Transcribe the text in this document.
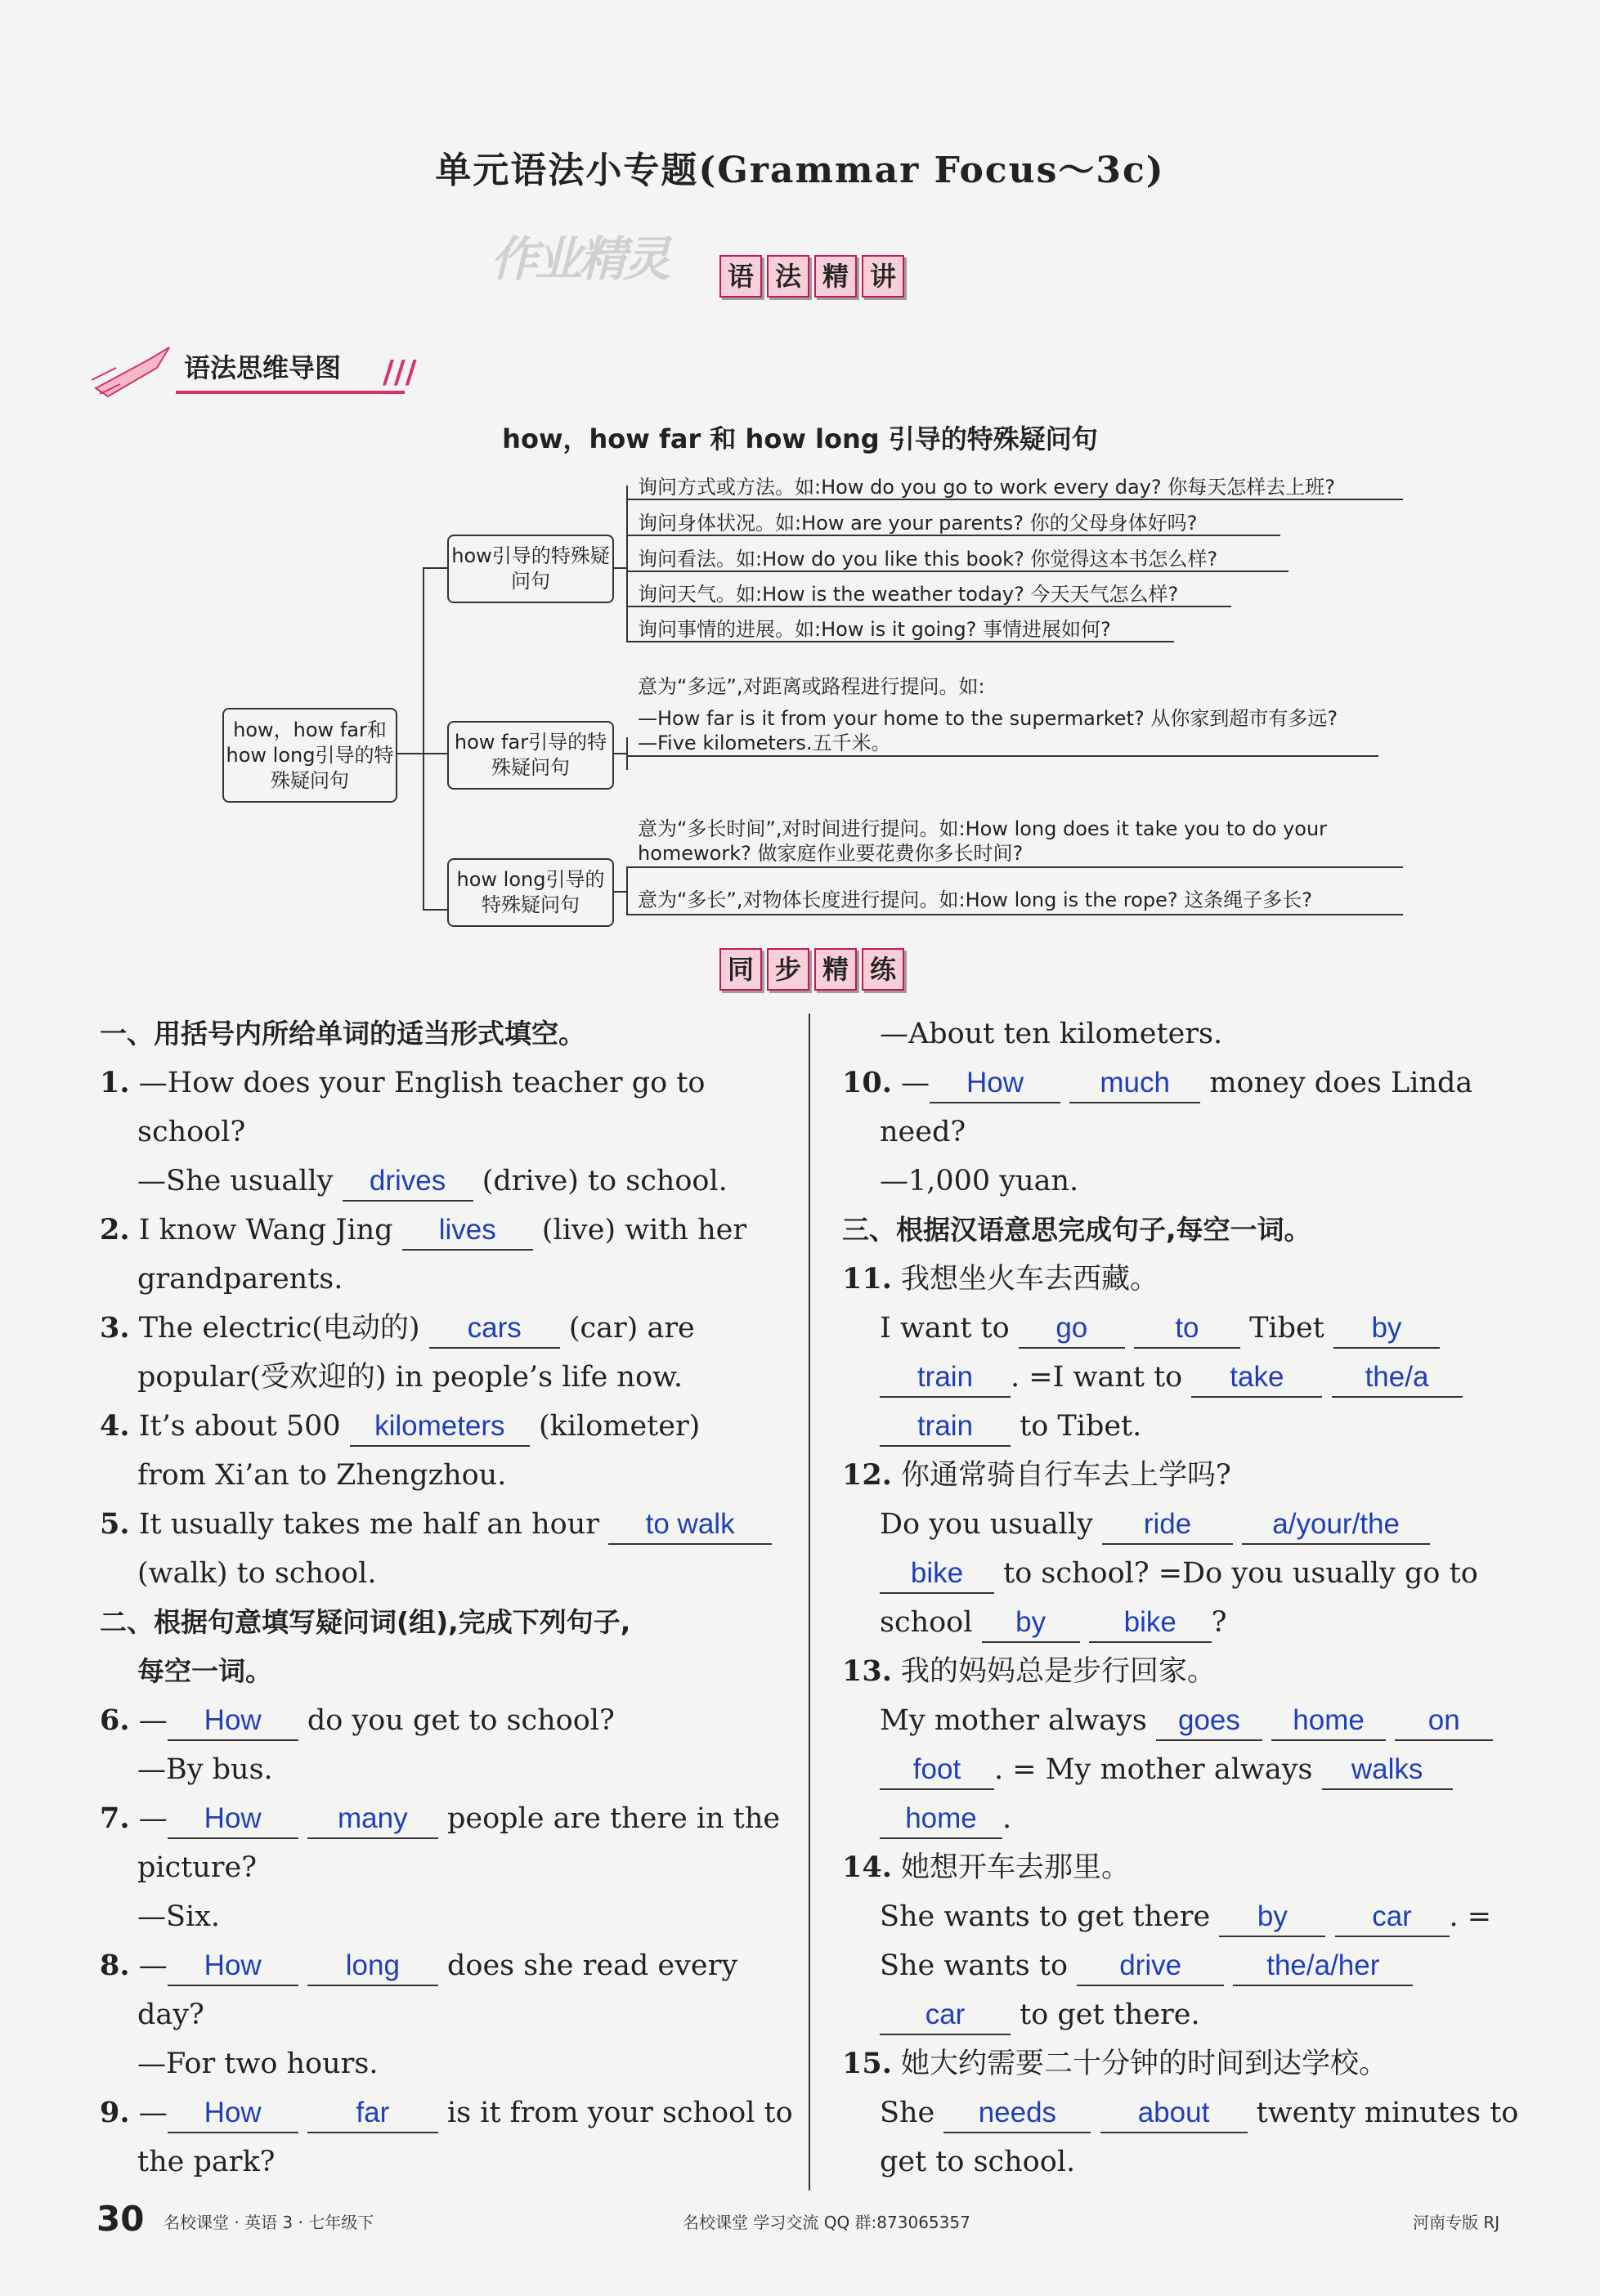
单元语法小专题(Grammar Focus～3c)
作业精灵	语 法 精 讲
语法思维导图 ///
how，how far 和 how long 引导的特殊疑问句
how，how far和how long引导的特殊疑问句
how引导的特殊疑问句
询问方式或方法。如:How do you go to work every day? 你每天怎样去上班?
询问身体状况。如:How are your parents? 你的父母身体好吗?
询问看法。如:How do you like this book? 你觉得这本书怎么样?
询问天气。如:How is the weather today? 今天天气怎么样?
询问事情的进展。如:How is it going? 事情进展如何?
how far引导的特殊疑问句
意为“多远”,对距离或路程进行提问。如:
—How far is it from your home to the supermarket? 从你家到超市有多远?
—Five kilometers.五千米。
how long引导的特殊疑问句
意为“多长时间”,对时间进行提问。如:How long does it take you to do your
homework? 做家庭作业要花费你多长时间?
意为“多长”,对物体长度进行提问。如:How long is the rope? 这条绳子多长?
同 步 精 练
一、用括号内所给单词的适当形式填空。
1. —How does your English teacher go to
school?
—She usually drives (drive) to school.
2. I know Wang Jing lives (live) with her
grandparents.
3. The electric(电动的) cars (car) are
popular(受欢迎的) in people’s life now.
4. It’s about 500 kilometers (kilometer)
from Xi’an to Zhengzhou.
5. It usually takes me half an hour to walk
(walk) to school.
二、根据句意填写疑问词(组),完成下列句子,
每空一词。
6. — How do you get to school?
—By bus.
7. — How	many people are there in the
picture?
—Six.
8. — How	long does she read every
day?
—For two hours.
9. — How	far is it from your school to
the park?
—About ten kilometers.
10. — How	much money does Linda
need?
—1,000 yuan.
三、根据汉语意思完成句子,每空一词。
11. 我想坐火车去西藏。
I want to go	to Tibet by
train . =I want to take	the/a
train to Tibet.
12. 你通常骑自行车去上学吗?
Do you usually ride	a/your/the
bike to school? =Do you usually go to
school by	bike ?
13. 我的妈妈总是步行回家。
My mother always goes home on
foot . = My mother always walks
home .
14. 她想开车去那里。
She wants to get there by	car . =
She wants to drive	the/a/her
car to get there.
15. 她大约需要二十分钟的时间到达学校。
She needs	about twenty minutes to
get to school.
30 名校课堂 · 英语 3 · 七年级下	名校课堂 学习交流 QQ 群:873065357	河南专版 RJ
